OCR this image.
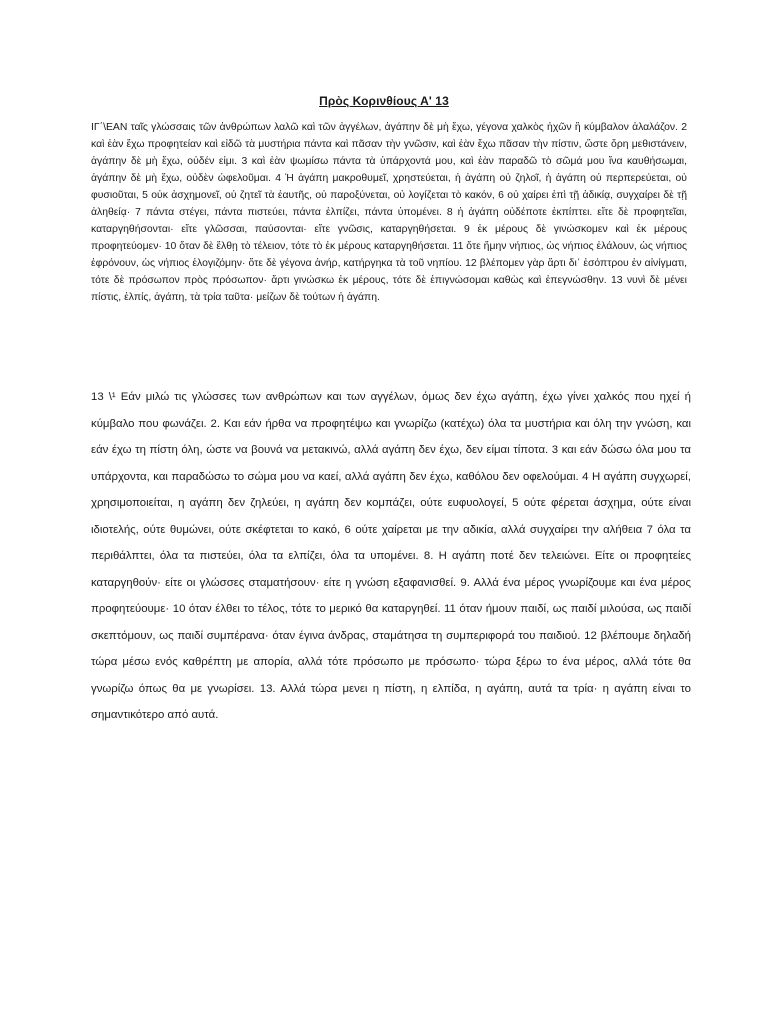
Πρὸς Κορινθίους Α' 13

ΙΓ΄\ΕΑΝ ταῖς γλώσσαις τῶν ἀνθρώπων λαλῶ καὶ τῶν ἀγγέλων, ἀγάπην δὲ μὴ ἔχω, γέγονα χαλκὸς ἠχῶν ἢ κύμβαλον ἀλαλάζον. 2 καὶ ἐὰν ἔχω προφητείαν καὶ εἰδῶ τὰ μυστήρια πάντα καὶ πᾶσαν τὴν γνῶσιν, καὶ ἐὰν ἔχω πᾶσαν τὴν πίστιν, ὥστε ὄρη μεθιστάνειν, ἀγάπην δὲ μὴ ἔχω, οὐδέν εἰμι. 3 καὶ ἐὰν ψωμίσω πάντα τὰ ὑπάρχοντά μου, καὶ ἐὰν παραδῶ τὸ σῶμά μου ἵνα καυθήσωμαι, ἀγάπην δὲ μὴ ἔχω, οὐδὲν ὠφελοῦμαι. 4 Ἡ ἀγάπη μακροθυμεῖ, χρηστεύεται, ἡ ἀγάπη οὐ ζηλοῖ, ἡ ἀγάπη οὐ περπερεύεται, οὐ φυσιοῦται, 5 οὐκ ἀσχημονεῖ, οὐ ζητεῖ τὰ ἑαυτῆς, οὐ παροξύνεται, οὐ λογίζεται τὸ κακόν, 6 οὐ χαίρει ἐπὶ τῇ ἀδικίᾳ, συγχαίρει δὲ τῇ ἀληθείᾳ· 7 πάντα στέγει, πάντα πιστεύει, πάντα ἐλπίζει, πάντα ὑπομένει. 8 ἡ ἀγάπη οὐδέποτε ἐκπίπτει. εἴτε δὲ προφητεῖαι, καταργηθήσονται· εἴτε γλῶσσαι, παύσονται· εἴτε γνῶσις, καταργηθήσεται. 9 ἐκ μέρους δὲ γινώσκομεν καὶ ἐκ μέρους προφητεύομεν· 10 ὅταν δὲ ἔλθῃ τὸ τέλειον, τότε τὸ ἐκ μέρους καταργηθήσεται. 11 ὅτε ἤμην νήπιος, ὡς νήπιος ἐλάλουν, ὡς νήπιος ἐφρόνουν, ὡς νήπιος ἐλογιζόμην· ὅτε δὲ γέγονα ἀνήρ, κατήργηκα τὰ τοῦ νηπίου. 12 βλέπομεν γὰρ ἄρτι δι᾿ ἐσόπτρου ἐν αἰνίγματι, τότε δὲ πρόσωπον πρὸς πρόσωπον· ἄρτι γινώσκω ἐκ μέρους, τότε δὲ ἐπιγνώσομαι καθὼς καὶ ἐπεγνώσθην. 13 νυνὶ δὲ μένει πίστις, ἐλπίς, ἀγάπη, τὰ τρία ταῦτα· μείζων δὲ τούτων ἡ ἀγάπη.

13 \¹ Εάν μιλώ τις γλώσσες των ανθρώπων και των αγγέλων, όμως δεν έχω αγάπη, έχω γίνει χαλκός που ηχεί ή κύμβαλο που φωνάζει. 2. Και εάν ήρθα να προφητέψω και γνωρίζω (κατέχω) όλα τα μυστήρια και όλη την γνώση, και εάν έχω τη πίστη όλη, ώστε να βουνά να μετακινώ, αλλά αγάπη δεν έχω, δεν είμαι τίποτα. 3 και εάν δώσω όλα μου τα υπάρχοντα, και παραδώσω το σώμα μου να καεί, αλλά αγάπη δεν έχω, καθόλου δεν οφελούμαι. 4 Η αγάπη συγχωρεί, χρησιμοποιείται, η αγάπη δεν ζηλεύει, η αγάπη δεν κομπάζει, ούτε ευφυολογεί, 5 ούτε φέρεται άσχημα, ούτε είναι ιδιοτελής, ούτε θυμώνει, ούτε σκέφτεται το κακό, 6 ούτε χαίρεται με την αδικία, αλλά συγχαίρει την αλήθεια 7 όλα τα περιθάλπτει, όλα τα πιστεύει, όλα τα ελπίζει, όλα τα υπομένει. 8. Η αγάπη ποτέ δεν τελειώνει. Είτε οι προφητείες καταργηθούν· είτε οι γλώσσες σταματήσουν· είτε η γνώση εξαφανισθεί. 9. Αλλά ένα μέρος γνωρίζουμε και ένα μέρος προφητεύουμε· 10 όταν έλθει το τέλος, τότε το μερικό θα καταργηθεί. 11 όταν ήμουν παιδί, ως παιδί μιλούσα, ως παιδί σκεπτόμουν, ως παιδί συμπέρανα· όταν έγινα άνδρας, σταμάτησα τη συμπεριφορά του παιδιού. 12 βλέπουμε δηλαδή τώρα μέσω ενός καθρέπτη με απορία, αλλά τότε πρόσωπο με πρόσωπο· τώρα ξέρω το ένα μέρος, αλλά τότε θα γνωρίζω όπως θα με γνωρίσει. 13. Αλλά τώρα μενει η πίστη, η ελπίδα, η αγάπη, αυτά τα τρία· η αγάπη είναι το σημαντικότερο από αυτά.
